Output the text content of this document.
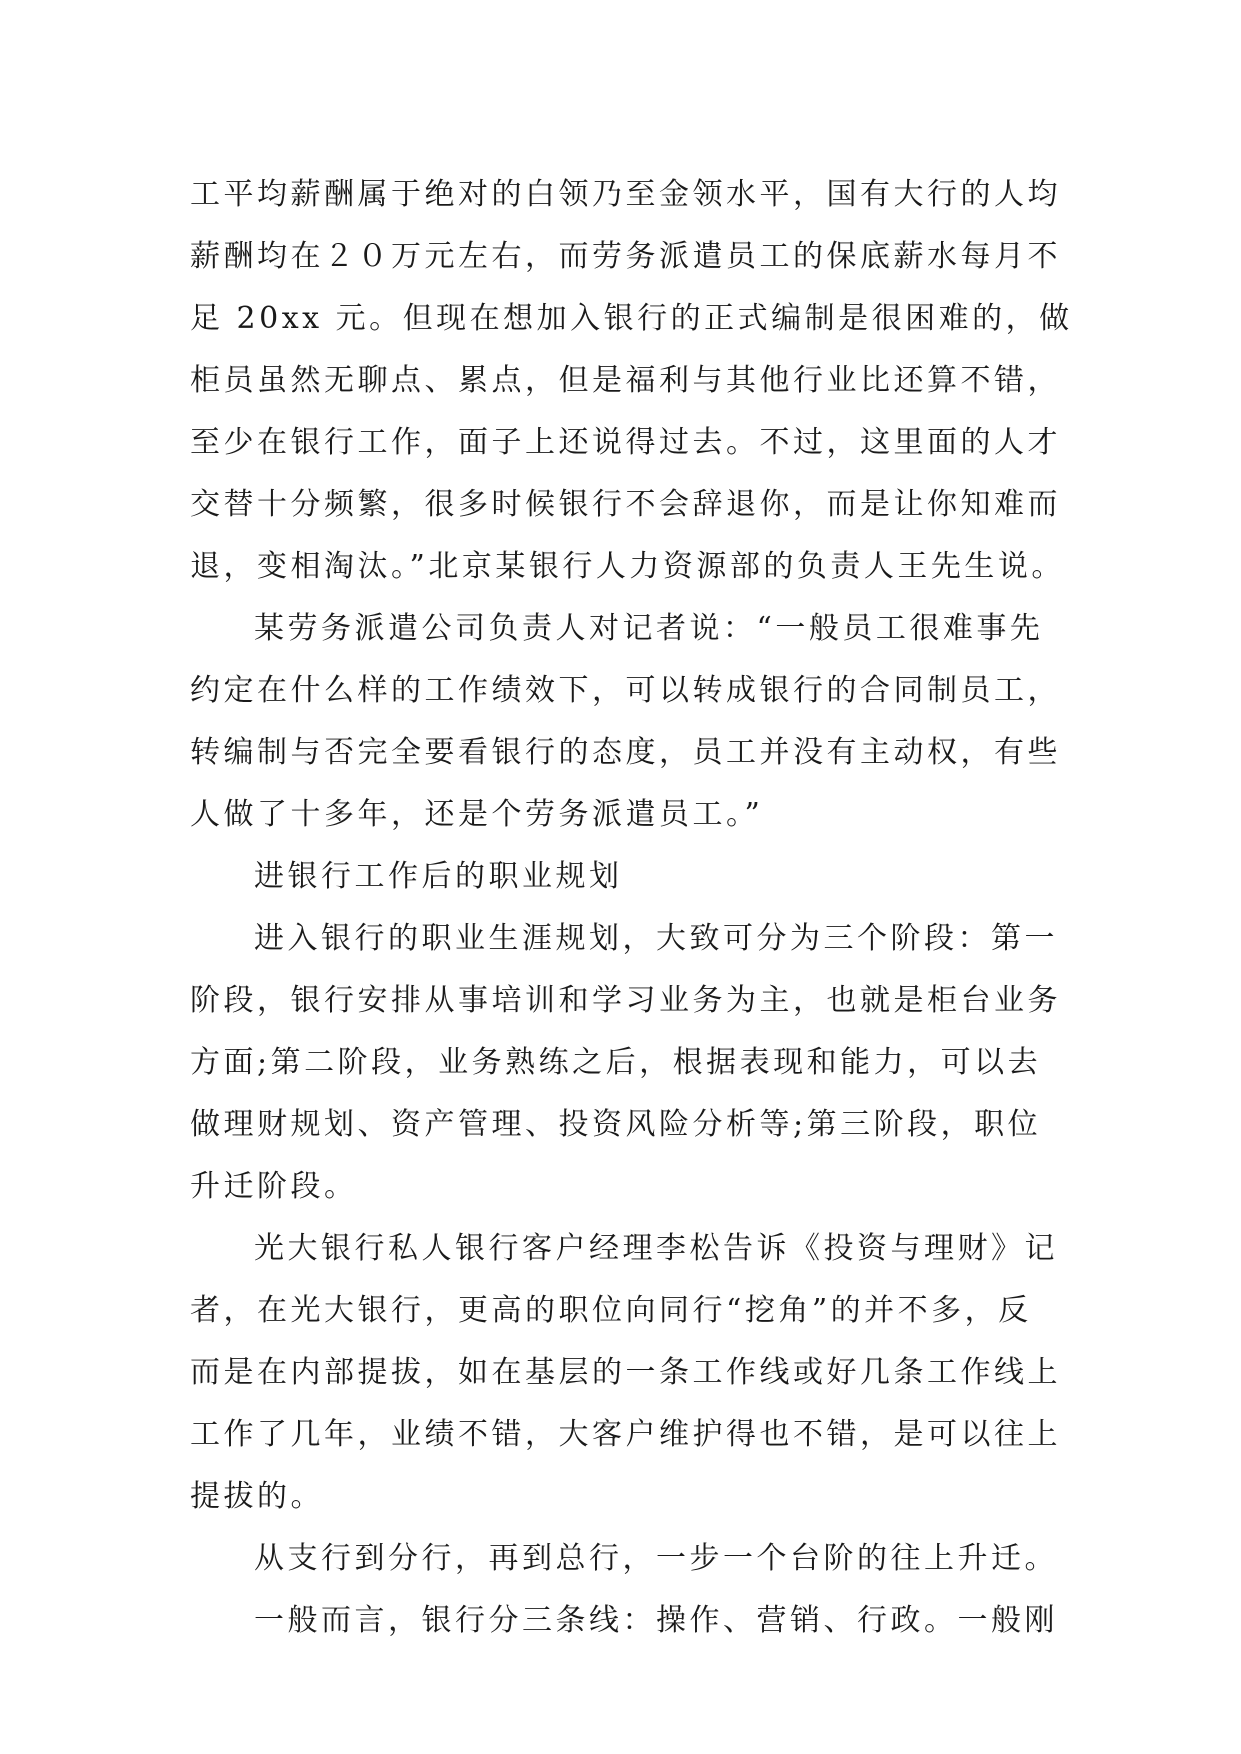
工平均薪酬属于绝对的白领乃至金领水平，国有大行的人均
薪酬均在２０万元左右，而劳务派遣员工的保底薪水每月不
足 20xx 元。但现在想加入银行的正式编制是很困难的，做
柜员虽然无聊点、累点，但是福利与其他行业比还算不错，
至少在银行工作，面子上还说得过去。不过，这里面的人才
交替十分频繁，很多时候银行不会辞退你，而是让你知难而
退，变相淘汰。”北京某银行人力资源部的负责人王先生说。
某劳务派遣公司负责人对记者说：“一般员工很难事先
约定在什么样的工作绩效下，可以转成银行的合同制员工，
转编制与否完全要看银行的态度，员工并没有主动权，有些
人做了十多年，还是个劳务派遣员工。”
进银行工作后的职业规划
进入银行的职业生涯规划，大致可分为三个阶段：第一
阶段，银行安排从事培训和学习业务为主，也就是柜台业务
方面;第二阶段，业务熟练之后，根据表现和能力，可以去
做理财规划、资产管理、投资风险分析等;第三阶段，职位
升迁阶段。
光大银行私人银行客户经理李松告诉《投资与理财》记
者，在光大银行，更高的职位向同行“挖角”的并不多，反
而是在内部提拔，如在基层的一条工作线或好几条工作线上
工作了几年，业绩不错，大客户维护得也不错，是可以往上
提拔的。
从支行到分行，再到总行，一步一个台阶的往上升迁。
一般而言，银行分三条线：操作、营销、行政。一般刚
